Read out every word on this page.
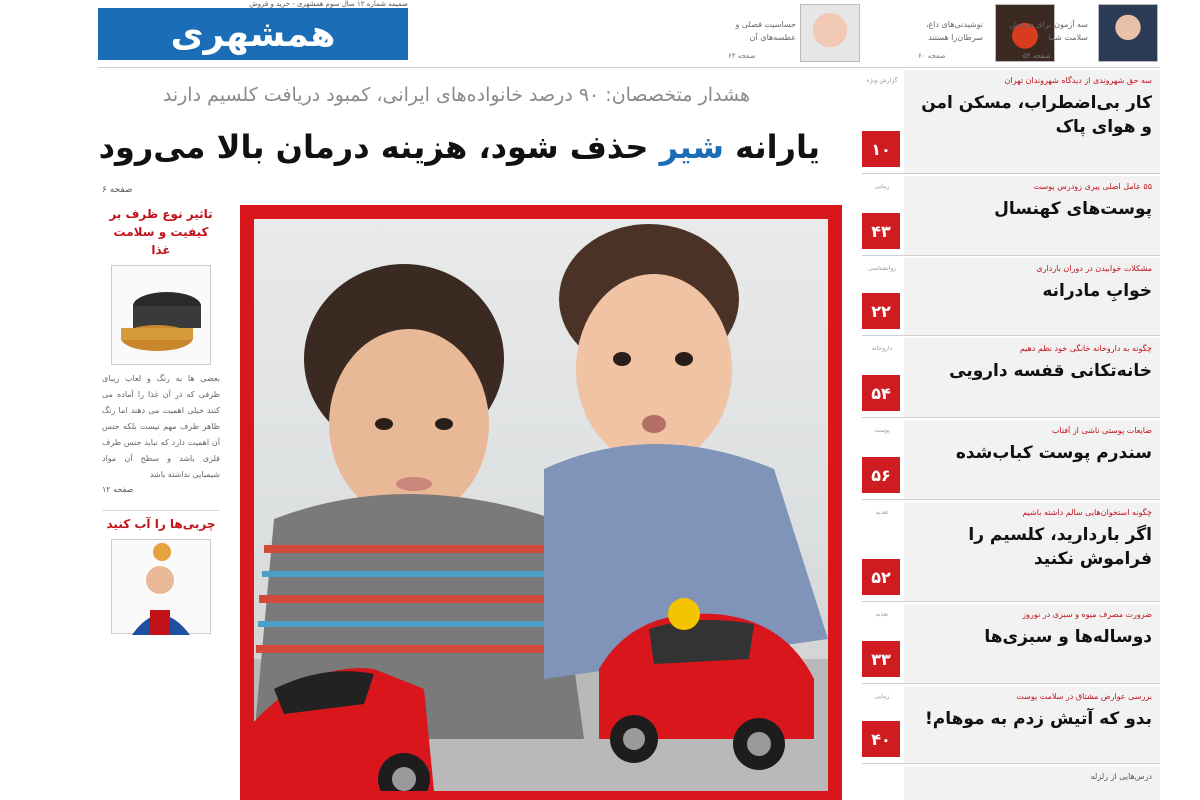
ضمیمه شماره ۱۲ سال سوم همشهری - خرید و فروش
همشهری	حساسیت فصلی و عطسه‌های آن
صفحه ۶۴
نوشیدنی‌های داغ، سرطان‌زا هستند
صفحه ۶۰
سه آزمون برای سنجش سلامت شما
صفحه ۵۴
هشدار متخصصان: ۹۰ درصد خانواده‌های ایرانی، کمبود دریافت کلسیم دارند
یارانه شیر حذف شود، هزینه درمان بالا می‌رود
صفحه ۶
تاثیر نوع ظرف بر کیفیت و سلامت غذا
بعضی ها به رنگ و لعاب زیبای ظرفی که در آن غذا را آماده می کنند خیلی اهمیت می دهند اما رنگ ظاهر ظرف مهم نیست بلکه جنس آن اهمیت دارد که نباید جنس ظرف فلزی باشد و سطح آن مواد شیمیایی نداشته باشد
صفحه ۱۲
چربی‌ها را آب کنید
گزارش ویژه
۱۰
سه حق شهروندی از دیدگاه شهروندان تهران
کار بی‌اضطراب، مسکن امن و هوای پاک
زیبایی
۴۳
۵۵ عامل اصلی پیری زودرس پوست
پوست‌های کهنسال
روانشناسی
۲۲
مشکلات خوابیدن در دوران بارداری
خوابِ مادرانه
داروخانه
۵۴
چگونه به داروخانه خانگی خود نظم دهیم
خانه‌تکانی قفسه دارویی
پوست
۵۶
ضایعات پوستی ناشی از آفتاب
سندرم پوست کباب‌شده
تغذیه
۵۲
چگونه استخوان‌هایی سالم داشته باشیم
اگر باردارید، کلسیم را فراموش نکنید
تغذیه
۳۳
ضرورت مصرف میوه و سبزی در نوروز
دوساله‌ها و سبزی‌ها
زیبایی
۴۰
بررسی عوارض مشتاق در سلامت پوست
بدو که آتیش زدم به موهام!
درس‌هایی از زلزله
